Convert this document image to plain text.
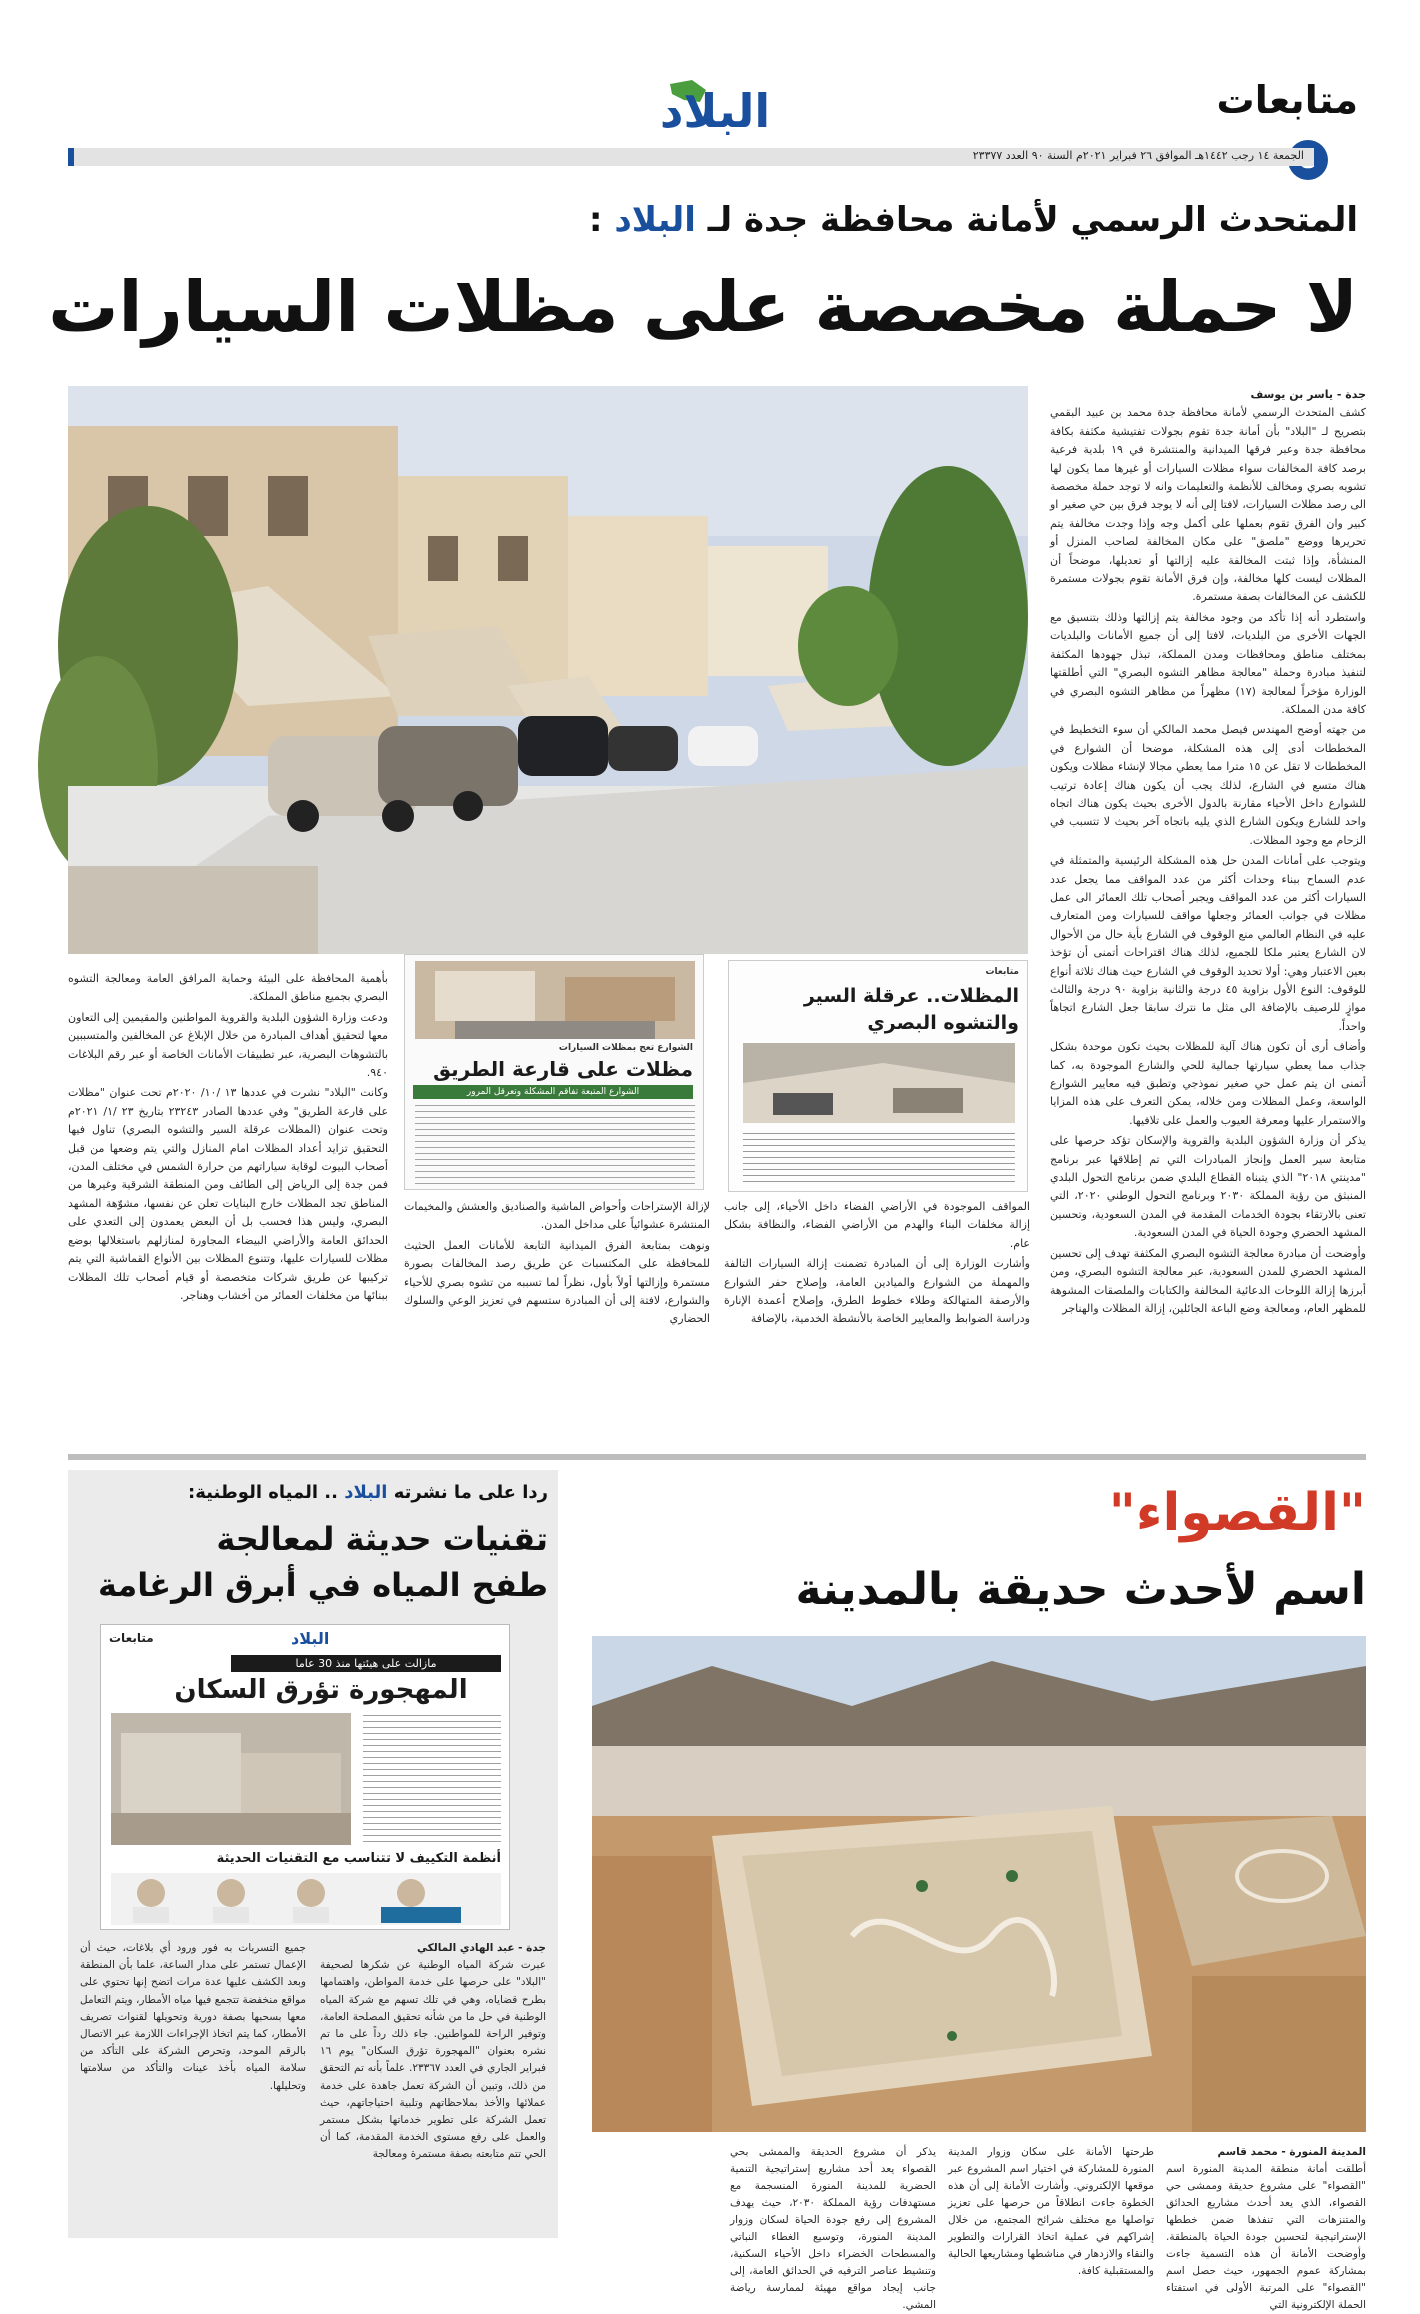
متابعات
البلاد
الجمعة ١٤ رجب ١٤٤٢هـ الموافق ٢٦ فبراير ٢٠٢١م السنة ٩٠ العدد ٢٣٣٧٧
المتحدث الرسمي لأمانة محافظة جدة لـ البلاد :
لا حملة مخصصة على مظلات السيارات
جدة - ياسر بن يوسف

كشف المتحدث الرسمي لأمانة محافظة جدة محمد بن عبيد البقمي بتصريح لـ "البلاد" بأن أمانة جدة تقوم بجولات تفتيشية مكثفة بكافة محافظة جدة وعبر فرقها الميدانية والمنتشرة في ١٩ بلدية فرعية برصد كافة المخالفات سواء مظلات السيارات أو غيرها مما يكون لها تشويه بصري ومخالف للأنظمة والتعليمات وانه لا توجد حملة مخصصة الى رصد مظلات السيارات، لافتا إلى أنه لا يوجد فرق بين حي صغير او كبير وان الفرق تقوم بعملها على أكمل وجه وإذا وجدت مخالفة يتم تحريرها ووضع "ملصق" على مكان المخالفة لصاحب المنزل أو المنشأة، وإذا ثبتت المخالفة عليه إزالتها أو تعديلها، موضحاً أن المظلات ليست كلها مخالفة، وإن فرق الأمانة تقوم بجولات مستمرة للكشف عن المخالفات بصفة مستمرة.

واستطرد أنه إذا تأكد من وجود مخالفة يتم إزالتها وذلك بتنسيق مع الجهات الأخرى من البلديات، لافتا إلى أن جميع الأمانات والبلديات بمختلف مناطق ومحافظات ومدن المملكة، تبذل جهودها المكثفة لتنفيذ مبادرة وحملة "معالجة مظاهر التشوه البصري" التي أطلقتها الوزارة مؤخراً لمعالجة (١٧) مظهراً من مظاهر التشوه البصري في كافة مدن المملكة.

من جهته أوضح المهندس فيصل محمد المالكي أن سوء التخطيط في المخططات أدى إلى هذه المشكلة، موضحا أن الشوارع في المخططات لا تقل عن ١٥ مترا مما يعطي مجالا لإنشاء مظلات ويكون هناك متسع في الشارع، لذلك يجب أن يكون هناك إعادة ترتيب للشوارع داخل الأحياء مقارنة بالدول الأخرى بحيث يكون هناك اتجاه واحد للشارع ويكون الشارع الذي يليه باتجاه آخر بحيث لا تتسبب في الزحام مع وجود المظلات.

ويتوجب على أمانات المدن حل هذه المشكلة الرئيسية والمتمثلة في عدم السماح ببناء وحدات أكثر من عدد المواقف مما يجعل عدد السيارات أكثر من عدد المواقف ويجبر أصحاب تلك العمائر الى عمل مظلات في جوانب العمائر وجعلها مواقف للسيارات ومن المتعارف عليه في النظام العالمي منع الوقوف في الشارع بأية حال من الأحوال لان الشارع يعتبر ملكا للجميع، لذلك هناك اقتراحات أتمنى أن تؤخذ بعين الاعتبار وهي: أولا تحديد الوقوف في الشارع حيث هناك ثلاثة أنواع للوقوف: النوع الأول بزاوية ٤٥ درجة والثانية بزاوية ٩٠ درجة والثالث موازٍ للرصيف بالإضافة الى مثل ما نترك سابقا جعل الشارع اتجاهاً واحداً.

وأضاف أرى أن تكون هناك آلية للمظلات بحيث تكون موحدة بشكل جذاب مما يعطي سيارتها جمالية للحي والشارع الموجودة به، كما أتمنى ان يتم عمل حي صغير نموذجي وتطبق فيه معايير الشوارع الواسعة، وعمل المظلات ومن خلاله، يمكن التعرف على هذه المزايا والاستمرار عليها ومعرفة العيوب والعمل على تلافيها.

يذكر أن وزارة الشؤون البلدية والقروية والإسكان تؤكد حرصها على متابعة سير العمل وإنجاز المبادرات التي تم إطلاقها عبر برنامج "مدينتي ٢٠١٨" الذي يتبناه القطاع البلدي ضمن برنامج التحول البلدي المنبثق من رؤية المملكة ٢٠٣٠ وبرنامج التحول الوطني ٢٠٢٠، التي تعنى بالارتقاء بجودة الخدمات المقدمة في المدن السعودية، وتحسين المشهد الحضري وجودة الحياة في المدن السعودية.

وأوضحت أن مبادرة معالجة التشوه البصري المكثفة تهدف إلى تحسين المشهد الحضري للمدن السعودية، عبر معالجة التشوه البصري، ومن أبرزها إزالة اللوحات الدعائية المخالفة والكتابات والملصقات المشوهة للمظهر العام، ومعالجة وضع الباعة الجائلين، إزالة المظلات والهناجر

متابعات
المظلات.. عرقلة السير والتشوه البصري
الشوارع تعج بمظلات السيارات
مظلات على قارعة الطريق
الشوارع المتبعة تفاقم المشكلة وتعرقل المرور

المواقف الموجودة في الأراضي الفضاء داخل الأحياء، إلى جانب إزالة مخلفات البناء والهدم من الأراضي الفضاء، والنظافة بشكل عام.

وأشارت الوزارة إلى أن المبادرة تضمنت إزالة السيارات التالفة والمهملة من الشوارع والميادين العامة، وإصلاح حفر الشوارع والأرصفة المتهالكة وطلاء خطوط الطرق، وإصلاح أعمدة الإنارة ودراسة الضوابط والمعايير الخاصة بالأنشطة الخدمية، بالإضافة

لإزالة الإستراحات وأحواض الماشية والصناديق والعشش والمخيمات المنتشرة عشوائياً على مداخل المدن.

ونوهت بمتابعة الفرق الميدانية التابعة للأمانات العمل الحثيث للمحافظة على المكتسبات عن طريق رصد المخالفات بصورة مستمرة وإزالتها أولاً بأول، نظراً لما تسببه من تشوه بصري للأحياء والشوارع، لافتة إلى أن المبادرة ستسهم في تعزيز الوعي والسلوك الحضاري

بأهمية المحافظة على البيئة وحماية المرافق العامة ومعالجة التشوه البصري بجميع مناطق المملكة.

ودعت وزارة الشؤون البلدية والقروية المواطنين والمقيمين إلى التعاون معها لتحقيق أهداف المبادرة من خلال الإبلاغ عن المخالفين والمتسببين بالتشوهات البصرية، عبر تطبيقات الأمانات الخاصة أو عبر رقم البلاغات ٩٤٠.

وكانت "البلاد" نشرت في عددها ١٣ /١٠/ ٢٠٢٠م تحت عنوان "مظلات على قارعة الطريق" وفي عددها الصادر ٢٣٢٤٣ بتاريخ ٢٣ /١/ ٢٠٢١م وتحت عنوان (المظلات عرقلة السير والتشوه البصري) تناول فيها التحقيق تزايد أعداد المظلات امام المنازل والتي يتم وضعها من قبل أصحاب البيوت لوقاية سياراتهم من حرارة الشمس في مختلف المدن، فمن جدة إلى الرياض إلى الطائف ومن المنطقة الشرقية وغيرها من المناطق تجد المظلات خارج البنايات تعلن عن نفسها، مشوّهة المشهد البصري، وليس هذا فحسب بل أن البعض يعمدون إلى التعدي على الحدائق العامة والأراضي البيضاء المجاورة لمنازلهم باستغلالها بوضع مظلات للسيارات عليها، وتتنوع المظلات بين الأنواع القماشية التي يتم تركيبها عن طريق شركات متخصصة أو قيام أصحاب تلك المظلات ببنائها من مخلفات العمائر من أخشاب وهناجر.

"القصواء"
اسم لأحدث حديقة بالمدينة
المدينة المنورة - محمد قاسم
أطلقت أمانة منطقة المدينة المنورة اسم "القصواء" على مشروع حديقة وممشى حي القصواء، الذي يعد أحدث مشاريع الحدائق والمتنزهات التي تنفذها ضمن خططها الإستراتيجية لتحسين جودة الحياة بالمنطقة. وأوضحت الأمانة أن هذه التسمية جاءت بمشاركة عموم الجمهور، حيث حصل اسم "القصواء" على المرتبة الأولى في استفتاء الحملة الإلكترونية التي
طرحتها الأمانة على سكان وزوار المدينة المنورة للمشاركة في اختيار اسم المشروع عبر موقعها الإلكتروني. وأشارت الأمانة إلى أن هذه الخطوة جاءت انطلاقاً من حرصها على تعزيز تواصلها مع مختلف شرائح المجتمع، من خلال إشراكهم في عملية اتخاذ القرارات والتطوير والنقاء والازدهار في مناشطها ومشاريعها الحالية والمستقبلية كافة.
يذكر أن مشروع الحديقة والممشى بحي القصواء يعد أحد مشاريع إستراتيجية التنمية الحضرية للمدينة المنورة المنسجمة مع مستهدفات رؤية المملكة ٢٠٣٠، حيث يهدف المشروع إلى رفع جودة الحياة لسكان وزوار المدينة المنورة، وتوسيع الغطاء النباتي والمسطحات الخضراء داخل الأحياء السكنية، وتنشيط عناصر الترفيه في الحدائق العامة، إلى جانب إيجاد مواقع مهيئة لممارسة رياضة المشي.
ردا على ما نشرته البلاد .. المياه الوطنية:
تقنيات حديثة لمعالجة
طفح المياه في أبرق الرغامة
متابعات	البلاد
مازالت على هيئتها منذ 30 عاما
المهجورة تؤرق السكان
أنظمة التكييف لا تتناسب مع التقنيات الحديثة
جدة - عبد الهادي المالكي
عبرت شركة المياه الوطنية عن شكرها لصحيفة "البلاد" على حرصها على خدمة المواطن، واهتمامها بطرح قضاياه، وهي في تلك تسهم مع شركة المياه الوطنية في حل ما من شأنه تحقيق المصلحة العامة، وتوفير الراحة للمواطنين. جاء ذلك رداً على ما تم نشره بعنوان "المهجورة تؤرق السكان" يوم ١٦ فبراير الجاري في العدد ٢٣٣٦٧. علماً بأنه تم التحقق من ذلك، وتبين أن الشركة تعمل جاهدة على خدمة عملائها والأخذ بملاحظاتهم وتلبية احتياجاتهم، حيث تعمل الشركة على تطوير خدماتها بشكل مستمر والعمل على رفع مستوى الخدمة المقدمة، كما أن الحي تتم متابعته بصفة مستمرة ومعالجة
جميع التسربات به فور ورود أي بلاغات، حيث أن الإعمال تستمر على مدار الساعة، علما بأن المنطقة وبعد الكشف عليها عدة مرات اتضح إنها تحتوي على مواقع منخفضة تتجمع فيها مياه الأمطار، ويتم التعامل معها بسحبها بصفة دورية وتحويلها لقنوات تصريف الأمطار، كما يتم اتخاذ الإجراءات اللازمة عبر الاتصال بالرقم الموحد، وتحرص الشركة على التأكد من سلامة المياه بأخذ عينات والتأكد من سلامتها وتحليلها.
